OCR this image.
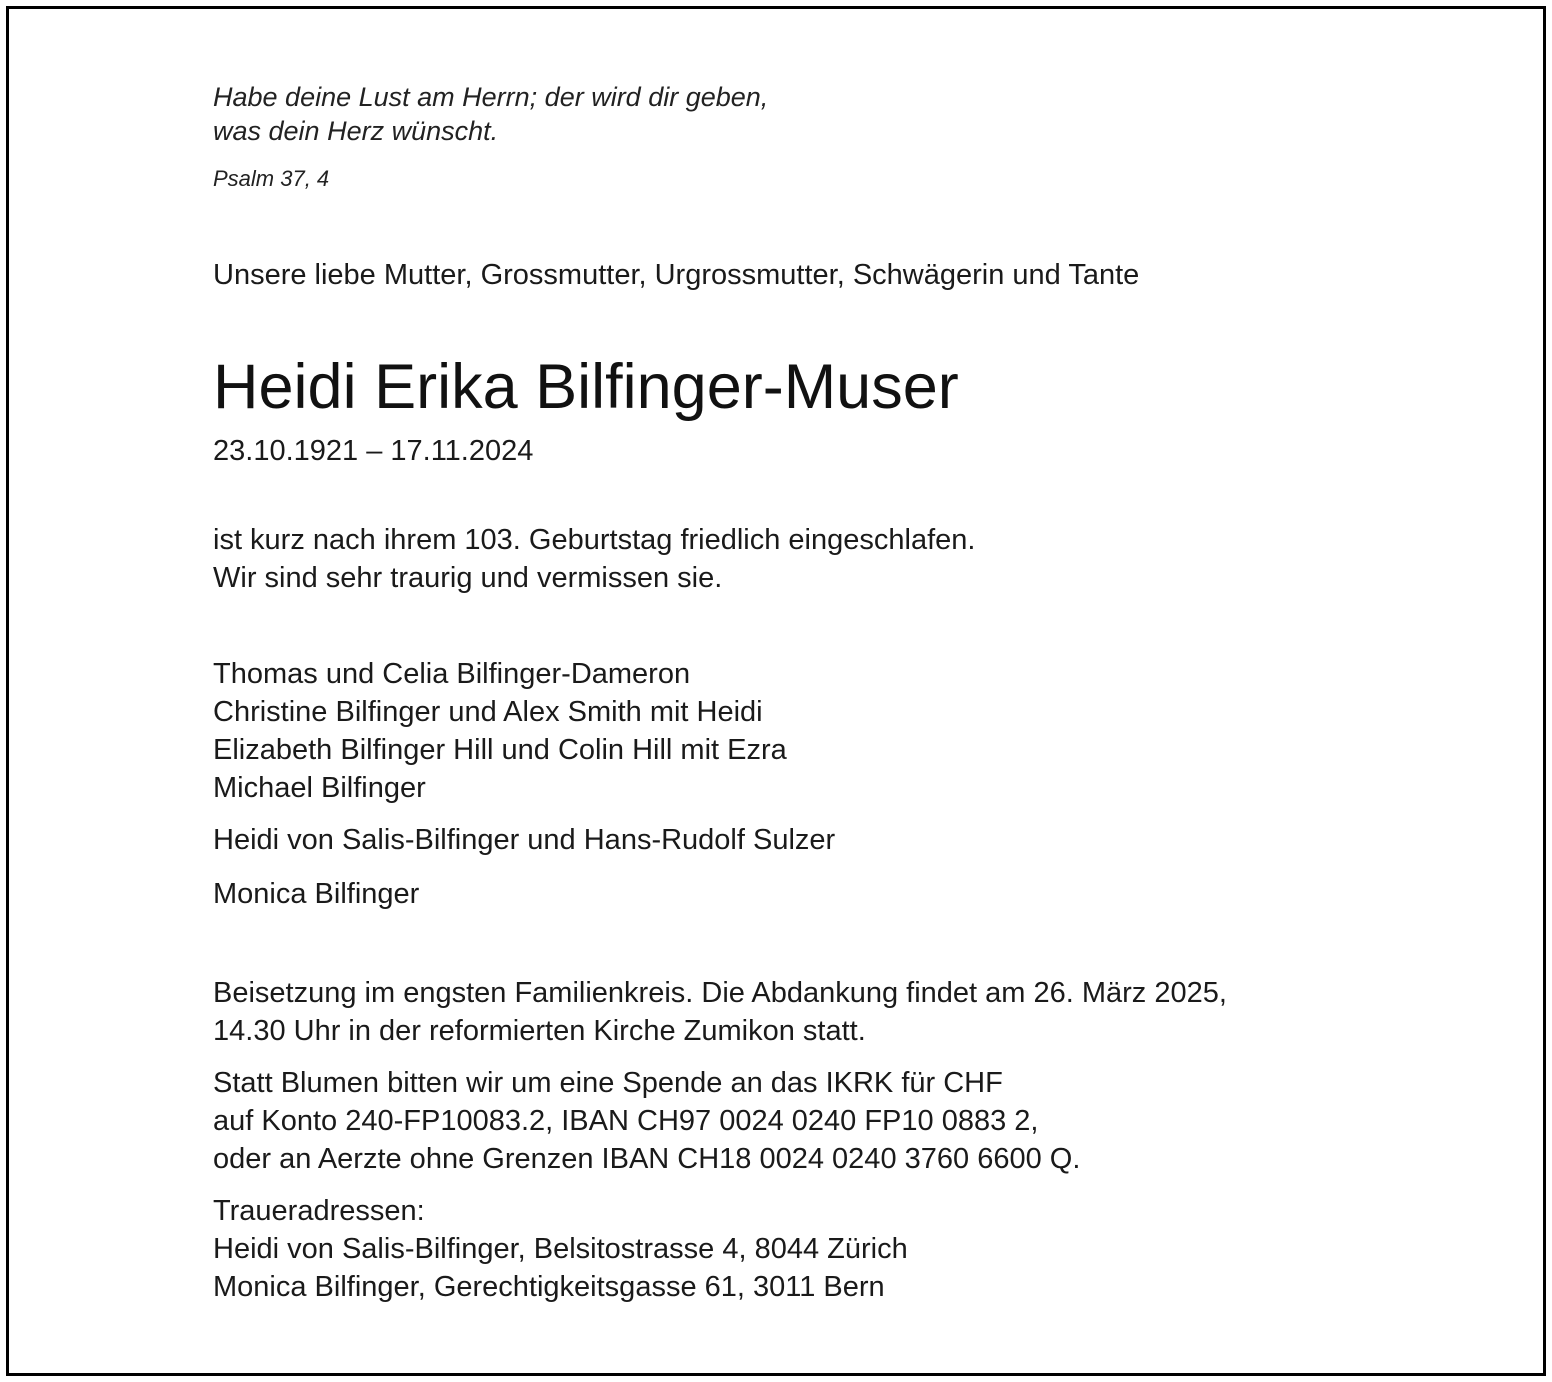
Habe deine Lust am Herrn; der wird dir geben,
was dein Herz wünscht.

Psalm 37, 4

Unsere liebe Mutter, Grossmutter, Urgrossmutter, Schwägerin und Tante

Heidi Erika Bilfinger-Muser

23.10.1921 – 17.11.2024

ist kurz nach ihrem 103. Geburtstag friedlich eingeschlafen.
Wir sind sehr traurig und vermissen sie.

Thomas und Celia Bilfinger-Dameron
Christine Bilfinger und Alex Smith mit Heidi
Elizabeth Bilfinger Hill und Colin Hill mit Ezra
Michael Bilfinger

Heidi von Salis-Bilfinger und Hans-Rudolf Sulzer

Monica Bilfinger

Beisetzung im engsten Familienkreis. Die Abdankung findet am 26. März 2025,
14.30 Uhr in der reformierten Kirche Zumikon statt.

Statt Blumen bitten wir um eine Spende an das IKRK für CHF
auf Konto 240-FP10083.2, IBAN CH97 0024 0240 FP10 0883 2,
oder an Aerzte ohne Grenzen IBAN CH18 0024 0240 3760 6600 Q.

Traueradressen:
Heidi von Salis-Bilfinger, Belsitostrasse 4, 8044 Zürich
Monica Bilfinger, Gerechtigkeitsgasse 61, 3011 Bern
